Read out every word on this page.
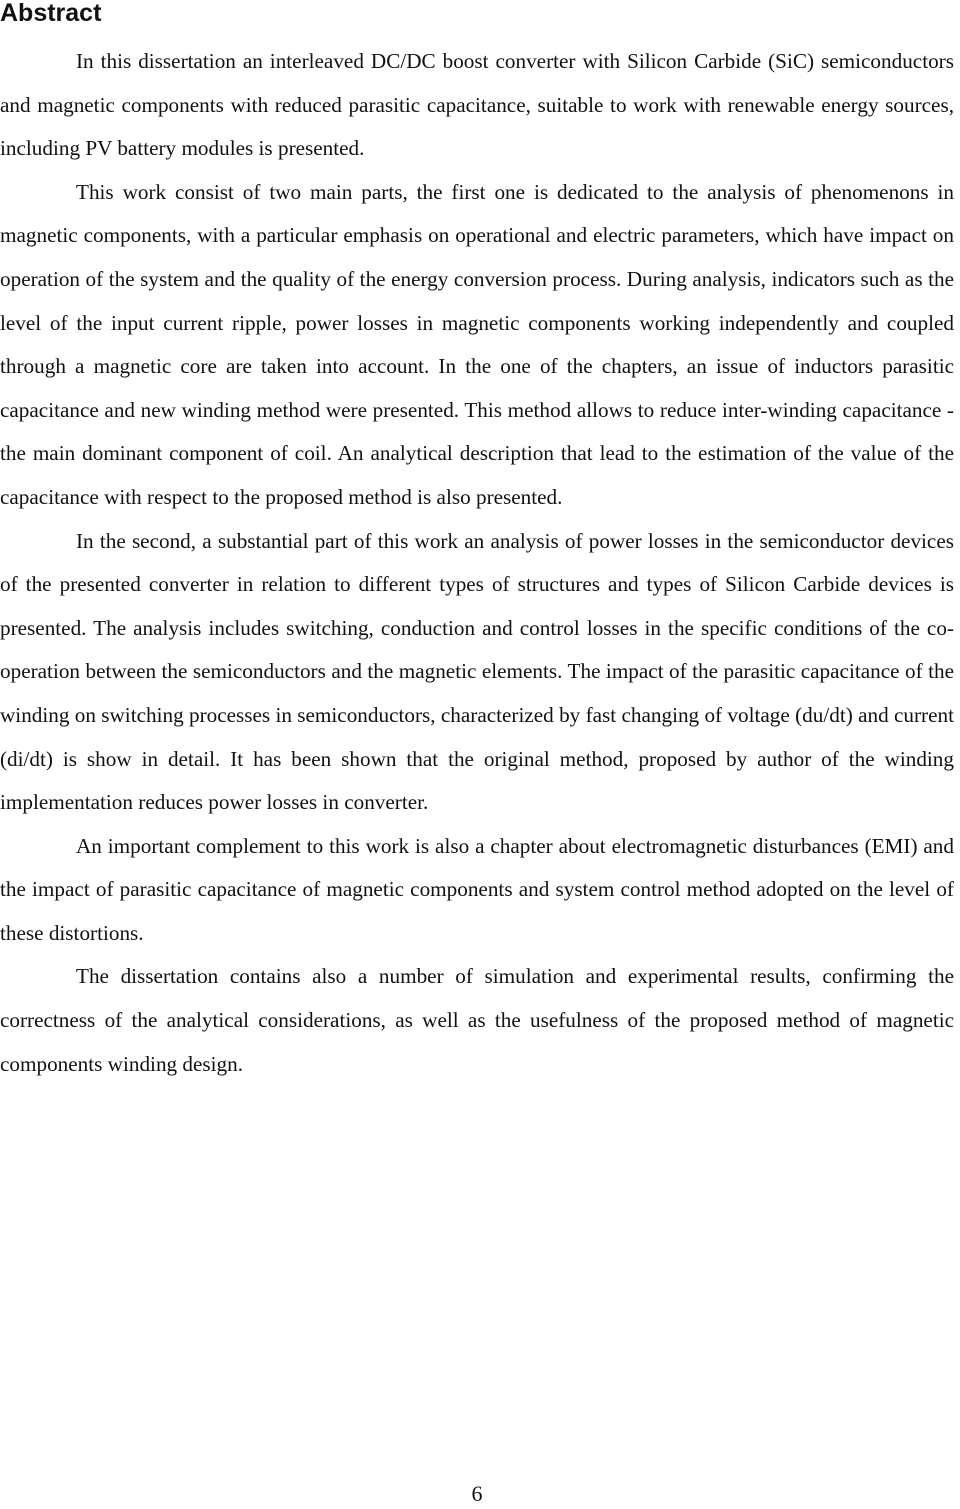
Abstract

In this dissertation an interleaved DC/DC boost converter with Silicon Carbide (SiC) semiconductors and magnetic components with reduced parasitic capacitance, suitable to work with renewable energy sources, including PV battery modules is presented.

This work consist of two main parts, the first one is dedicated to the analysis of phenomenons in magnetic components, with a particular emphasis on operational and electric parameters, which have impact on operation of the system and the quality of the energy conversion process. During analysis, indicators such as the level of the input current ripple, power losses in magnetic components working independently and coupled through a magnetic core are taken into account. In the one of the chapters, an issue of inductors parasitic capacitance and new winding method were presented. This method allows to reduce inter-winding capacitance - the main dominant component of coil. An analytical description that lead to the estimation of the value of the capacitance with respect to the proposed method is also presented.

In the second, a substantial part of this work an analysis of power losses in the semiconductor devices of the presented converter in relation to different types of structures and types of Silicon Carbide devices is presented. The analysis includes switching, conduction and control losses in the specific conditions of the co-operation between the semiconductors and the magnetic elements. The impact of the parasitic capacitance of the winding on switching processes in semiconductors, characterized by fast changing of voltage (du/dt) and current (di/dt) is show in detail. It has been shown that the original method, proposed by author of the winding implementation reduces power losses in converter.

An important complement to this work is also a chapter about electromagnetic disturbances (EMI) and the impact of parasitic capacitance of magnetic components and system control method adopted on the level of these distortions.

The dissertation contains also a number of simulation and experimental results, confirming the correctness of the analytical considerations, as well as the usefulness of the proposed method of magnetic components winding design.

6
